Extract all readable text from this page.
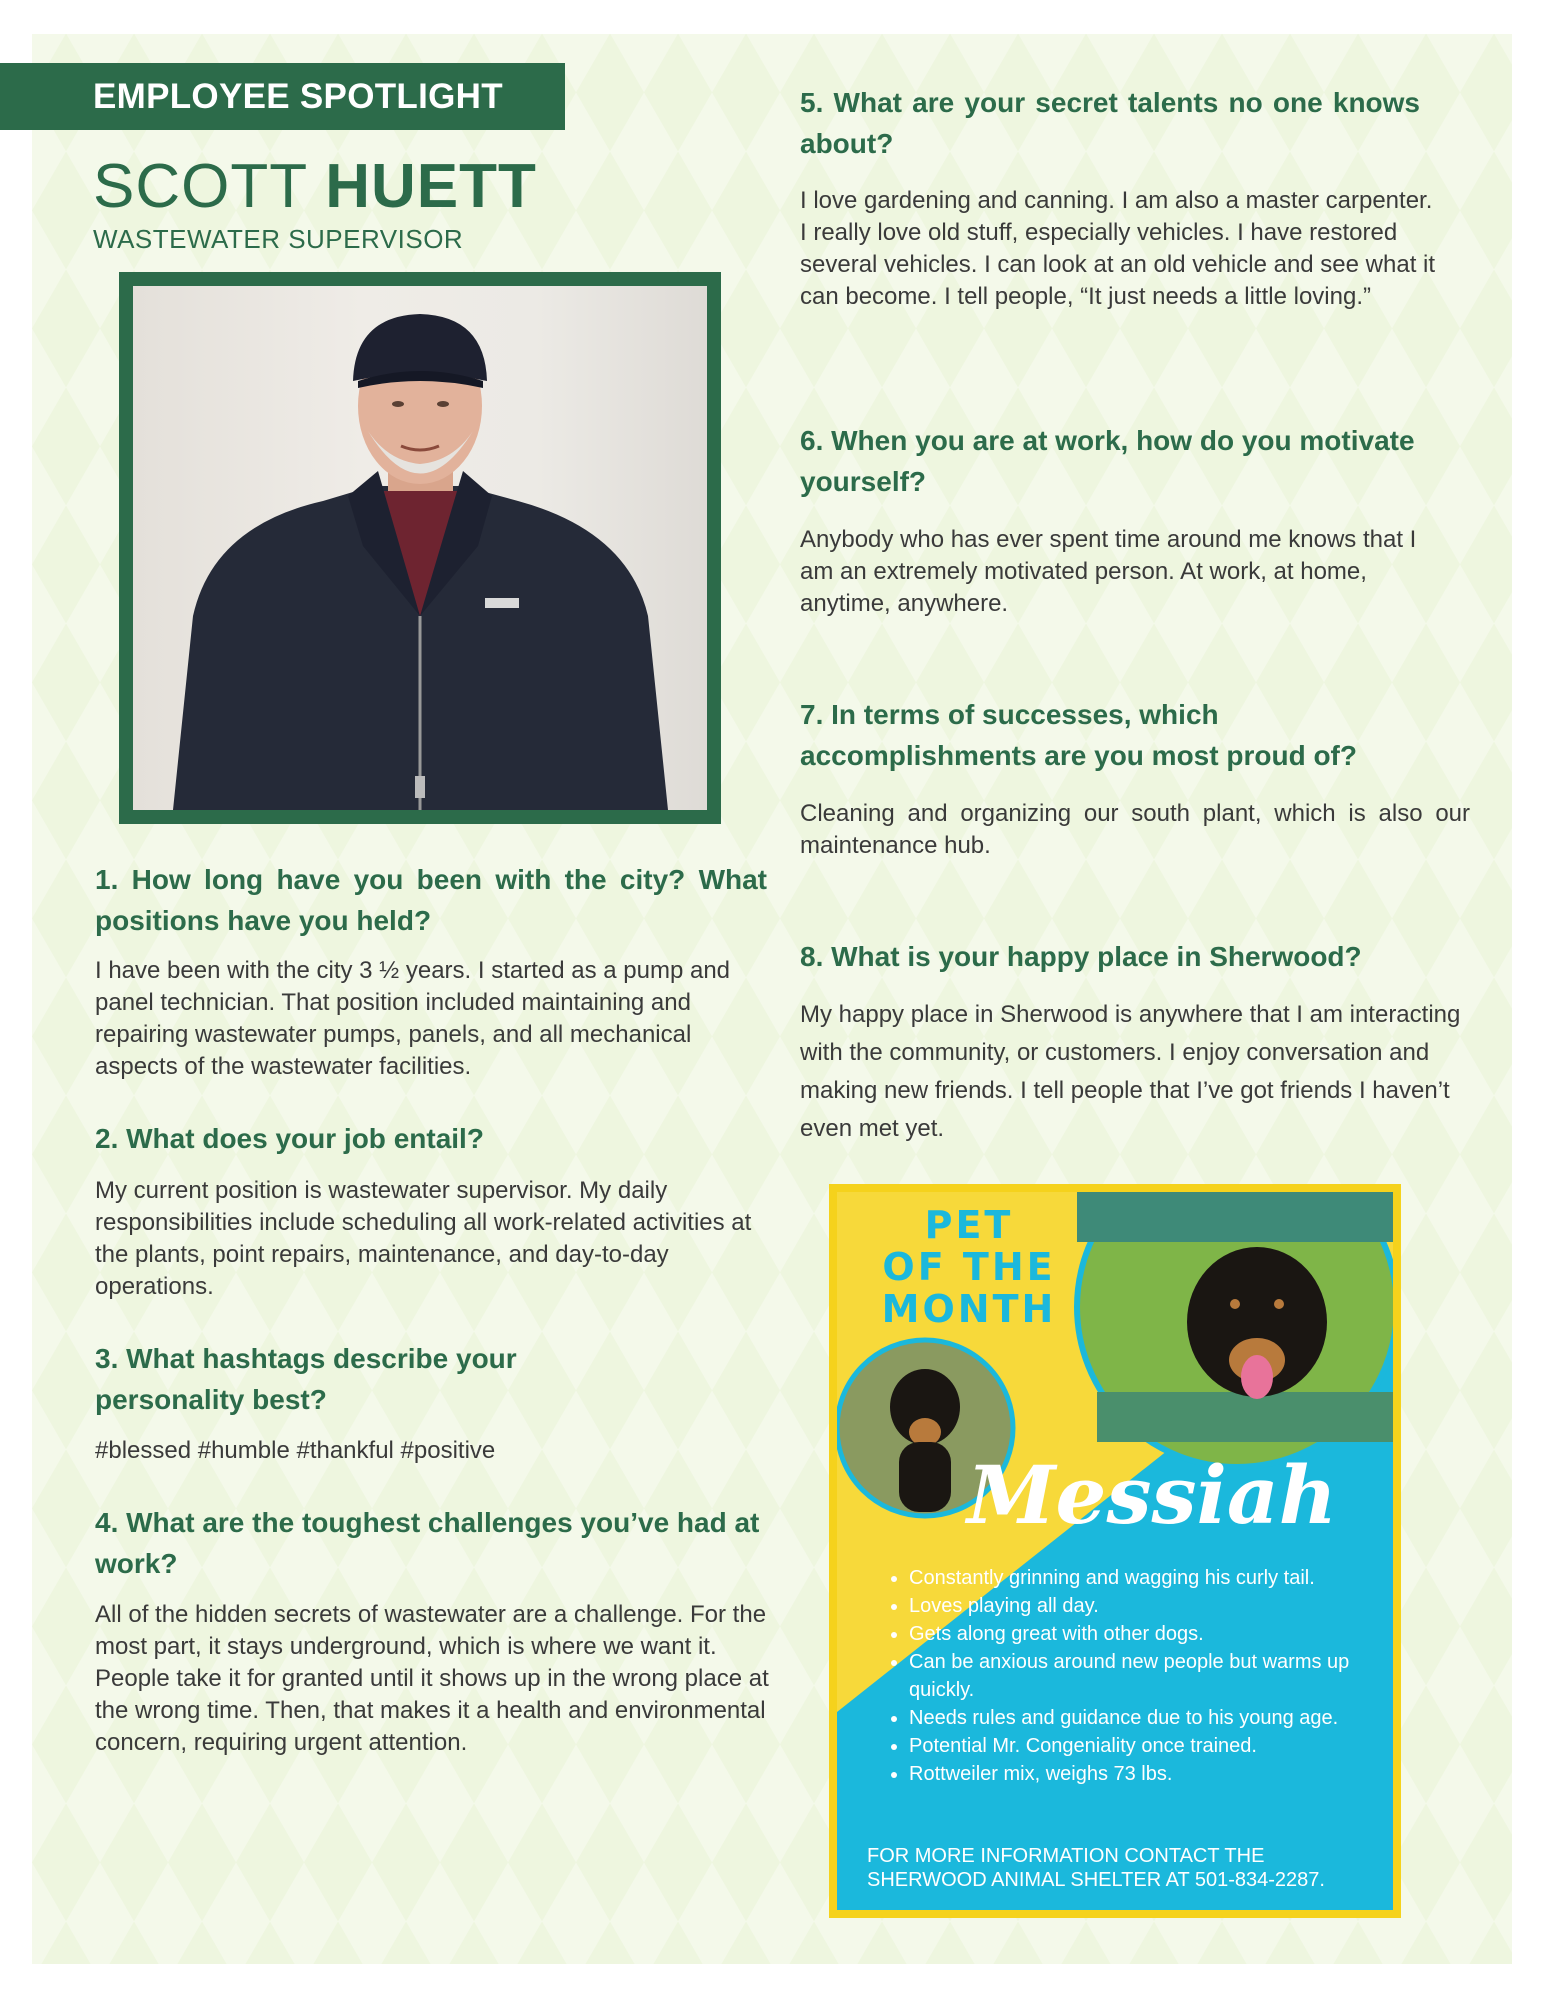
EMPLOYEE SPOTLIGHT
SCOTT HUETT
WASTEWATER SUPERVISOR

1. How long have you been with the city? What positions have you held?

I have been with the city 3 ½ years. I started as a pump and panel technician. That position included maintaining and repairing wastewater pumps, panels, and all mechanical aspects of the wastewater facilities.

2. What does your job entail?

My current position is wastewater supervisor. My daily responsibilities include scheduling all work-related activities at the plants, point repairs, maintenance, and day-to-day operations.

3. What hashtags describe your personality best?

#blessed #humble #thankful #positive

4. What are the toughest challenges you’ve had at work?

All of the hidden secrets of wastewater are a challenge. For the most part, it stays underground, which is where we want it. People take it for granted until it shows up in the wrong place at the wrong time. Then, that makes it a health and environmental concern, requiring urgent attention.

5. What are your secret talents no one knows about?

I love gardening and canning. I am also a master carpenter. I really love old stuff, especially vehicles. I have restored several vehicles. I can look at an old vehicle and see what it can become. I tell people, “It just needs a little loving.”

6. When you are at work, how do you motivate yourself?

Anybody who has ever spent time around me knows that I am an extremely motivated person. At work, at home, anytime, anywhere.

7. In terms of successes, which accomplishments are you most proud of?

Cleaning and organizing our south plant, which is also our maintenance hub.

8. What is your happy place in Sherwood?

My happy place in Sherwood is anywhere that I am interacting with the community, or customers. I enjoy conversation and making new friends. I tell people that I’ve got friends I haven’t even met yet.

PET
OF THE
MONTH
Messiah
• Constantly grinning and wagging his curly tail.
• Loves playing all day.
• Gets along great with other dogs.
• Can be anxious around new people but warms up quickly.
• Needs rules and guidance due to his young age.
• Potential Mr. Congeniality once trained.
• Rottweiler mix, weighs 73 lbs.
FOR MORE INFORMATION CONTACT THE SHERWOOD ANIMAL SHELTER AT 501-834-2287.
